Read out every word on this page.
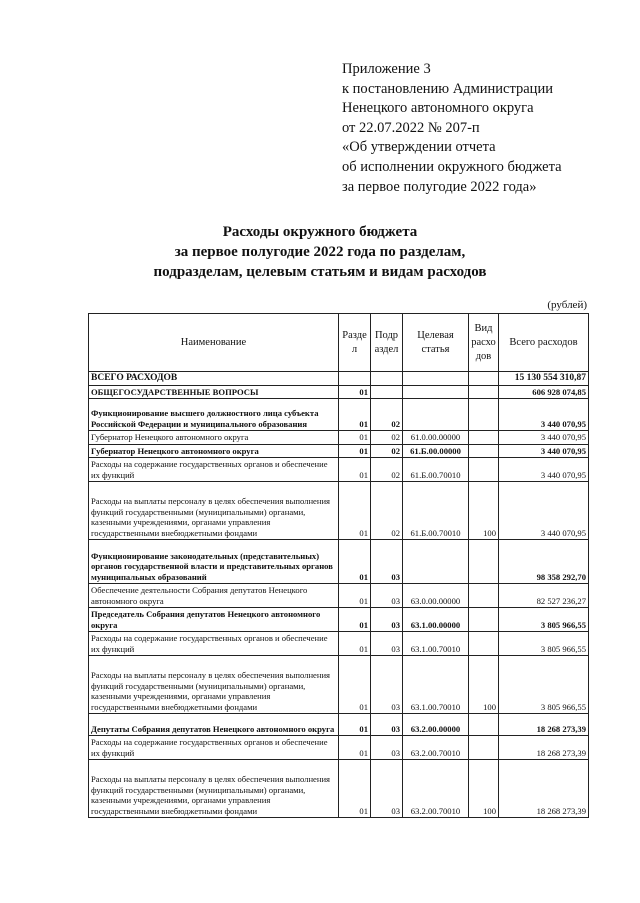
Приложение 3
к постановлению Администрации
Ненецкого автономного округа
от 22.07.2022 № 207-п
«Об утверждении отчета
об исполнении окружного бюджета
за первое полугодие 2022 года»
Расходы окружного бюджета
за первое полугодие 2022 года по разделам,
подразделам, целевым статьям и видам расходов
(рублей)
Наименование	Разде л	Подр аздел	Целевая статья	Вид расхо дов	Всего расходов
ВСЕГО РАСХОДОВ					15 130 554 310,87
ОБЩЕГОСУДАРСТВЕННЫЕ ВОПРОСЫ	01				606 928 074,85
Функционирование высшего должностного лица субъекта Российской Федерации и муниципального образования	01	02			3 440 070,95
Губернатор Ненецкого автономного округа	01	02	61.0.00.00000		3 440 070,95
Губернатор Ненецкого автономного округа	01	02	61.Б.00.00000		3 440 070,95
Расходы на содержание государственных органов и обеспечение их функций	01	02	61.Б.00.70010		3 440 070,95
Расходы на выплаты персоналу в целях обеспечения выполнения функций государственными (муниципальными) органами, казенными учреждениями, органами управления государственными внебюджетными фондами	01	02	61.Б.00.70010	100	3 440 070,95
Функционирование законодательных (представительных) органов государственной власти и представительных органов муниципальных образований	01	03			98 358 292,70
Обеспечение деятельности Собрания депутатов Ненецкого автономного округа	01	03	63.0.00.00000		82 527 236,27
Председатель Собрания депутатов Ненецкого автономного округа	01	03	63.1.00.00000		3 805 966,55
Расходы на содержание государственных органов и обеспечение их функций	01	03	63.1.00.70010		3 805 966,55
Расходы на выплаты персоналу в целях обеспечения выполнения функций государственными (муниципальными) органами, казенными учреждениями, органами управления государственными внебюджетными фондами	01	03	63.1.00.70010	100	3 805 966,55
Депутаты Собрания депутатов Ненецкого автономного округа	01	03	63.2.00.00000		18 268 273,39
Расходы на содержание государственных органов и обеспечение их функций	01	03	63.2.00.70010		18 268 273,39
Расходы на выплаты персоналу в целях обеспечения выполнения функций государственными (муниципальными) органами, казенными учреждениями, органами управления государственными внебюджетными фондами	01	03	63.2.00.70010	100	18 268 273,39
